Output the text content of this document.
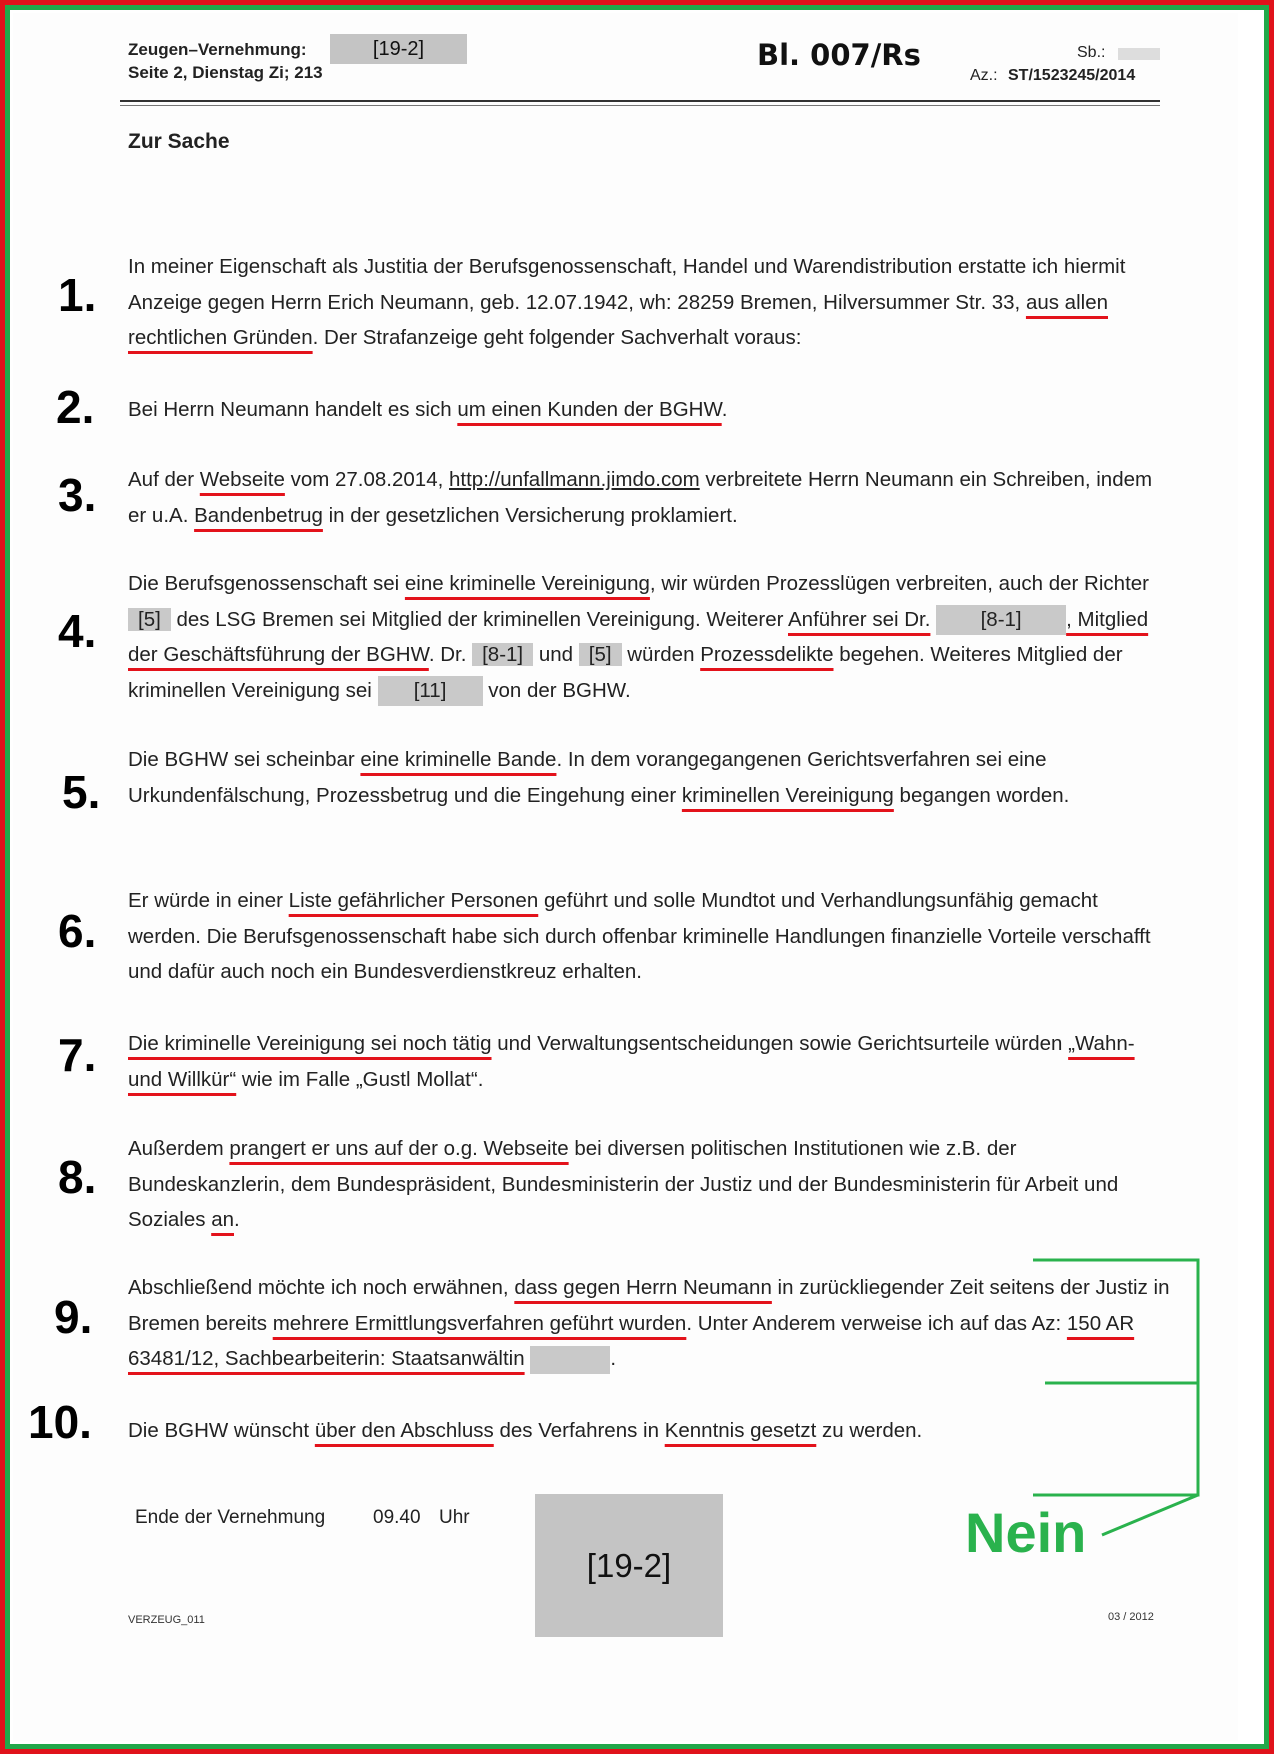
Zeugen–Vernehmung:	[19-2]
Seite 2, Dienstag Zi; 213
Bl. 007/Rs	Sb.:
Az.: ST/1523245/2014
Zur Sache
1.
2.
3.
4.
5.
6.
7.
8.
9.
10.
In meiner Eigenschaft als Justitia der Berufsgenossenschaft, Handel und Warendistribution erstatte ich hiermit Anzeige gegen Herrn Erich Neumann, geb. 12.07.1942, wh: 28259 Bremen, Hilversummer Str. 33, aus allen rechtlichen Gründen. Der Strafanzeige geht folgender Sachverhalt voraus:
Bei Herrn Neumann handelt es sich um einen Kunden der BGHW.
Auf der Webseite vom 27.08.2014, http://unfallmann.jimdo.com verbreitete Herrn Neumann ein Schreiben, indem er u.A. Bandenbetrug in der gesetzlichen Versicherung proklamiert.
Die Berufsgenossenschaft sei eine kriminelle Vereinigung, wir würden Prozesslügen verbreiten, auch der Richter [5] des LSG Bremen sei Mitglied der kriminellen Vereinigung. Weiterer Anführer sei Dr. [8-1] , Mitglied der Geschäftsführung der BGHW. Dr. [8-1] und [5] würden Prozessdelikte begehen. Weiteres Mitglied der kriminellen Vereinigung sei [11] von der BGHW.
Die BGHW sei scheinbar eine kriminelle Bande. In dem vorangegangenen Gerichtsverfahren sei eine Urkundenfälschung, Prozessbetrug und die Eingehung einer kriminellen Vereinigung begangen worden.
Er würde in einer Liste gefährlicher Personen geführt und solle Mundtot und Verhandlungsunfähig gemacht werden. Die Berufsgenossenschaft habe sich durch offenbar kriminelle Handlungen finanzielle Vorteile verschafft und dafür auch noch ein Bundesverdienstkreuz erhalten.
Die kriminelle Vereinigung sei noch tätig und Verwaltungsentscheidungen sowie Gerichtsurteile würden „Wahn- und Willkür“ wie im Falle „Gustl Mollat“.
Außerdem prangert er uns auf der o.g. Webseite bei diversen politischen Institutionen wie z.B. der Bundeskanzlerin, dem Bundespräsident, Bundesministerin der Justiz und der Bundesministerin für Arbeit und Soziales an.
Abschließend möchte ich noch erwähnen, dass gegen Herrn Neumann in zurückliegender Zeit seitens der Justiz in Bremen bereits mehrere Ermittlungsverfahren geführt wurden. Unter Anderem verweise ich auf das Az: 150 AR 63481/12, Sachbearbeiterin: Staatsanwältin	.
Die BGHW wünscht über den Abschluss des Verfahrens in Kenntnis gesetzt zu werden.
Ende der Vernehmung	09.40 Uhr
[19-2]
VERZEUG_011	03 / 2012
Nein
